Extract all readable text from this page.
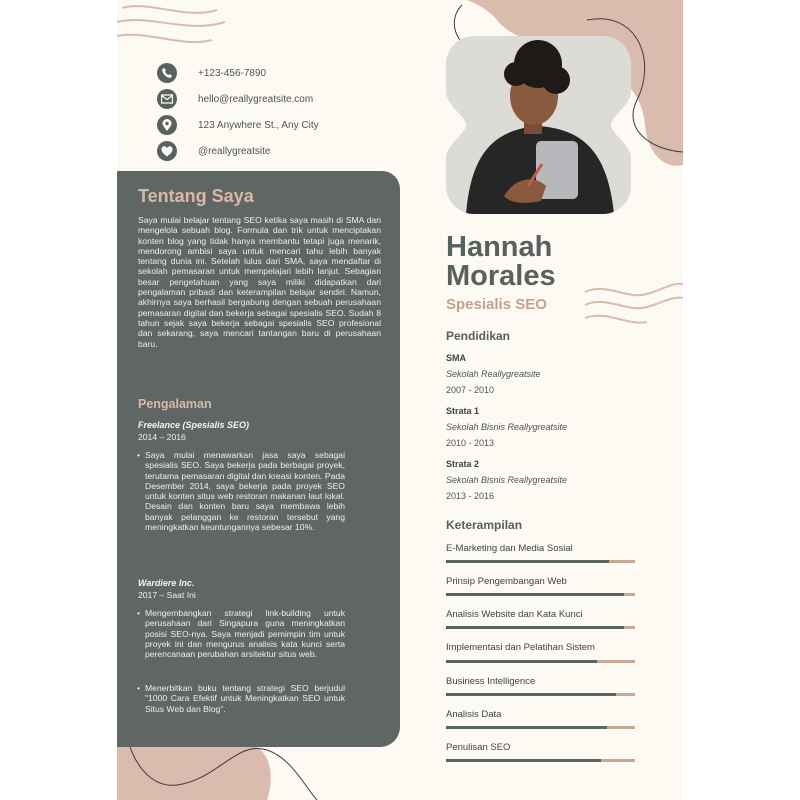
+123-456-7890
hello@reallygreatsite.com
123 Anywhere St., Any City
@reallygreatsite
Tentang Saya
Saya mulai belajar tentang SEO ketika saya masih di SMA dan mengelola sebuah blog. Formula dan trik untuk menciptakan konten blog yang tidak hanya membantu tetapi juga menarik, mendorong ambisi saya untuk mencari tahu lebih banyak tentang dunia ini. Setelah lulus dari SMA, saya mendaftar di sekolah pemasaran untuk mempelajari lebih lanjut. Sebagian besar pengetahuan yang saya miliki didapatkan dari pengalaman pribadi dan keterampilan belajar sendiri. Namun, akhirnya saya berhasil bergabung dengan sebuah perusahaan pemasaran digital dan bekerja sebagai spesialis SEO. Sudah 8 tahun sejak saya bekerja sebagai spesialis SEO profesional dan sekarang, saya mencari tantangan baru di perusahaan baru.
Pengalaman
Freelance (Spesialis SEO)
2014 – 2016
• Saya mulai menawarkan jasa saya sebagai spesialis SEO. Saya bekerja pada berbagai proyek, terutama pemasaran digital dan kreasi konten. Pada Desember 2014, saya bekerja pada proyek SEO untuk konten situs web restoran makanan laut lokal. Desain dan konten baru saya membawa lebih banyak pelanggan ke restoran tersebut yang meningkatkan keuntungannya sebesar 10%.
Wardiere Inc.
2017 – Saat Ini
• Mengembangkan strategi link-building untuk perusahaan dari Singapura guna meningkatkan posisi SEO-nya. Saya menjadi pemimpin tim untuk proyek ini dan mengurus analisis kata kunci serta perencanaan perubahan arsitektur situs web.
• Menerbitkan buku tentang strategi SEO berjudul "1000 Cara Efektif untuk Meningkatkan SEO untuk Situs Web dan Blog".
Hannah
Morales
Spesialis SEO
Pendidikan
SMA
Sekolah Reallygreatsite
2007 - 2010
Strata 1
Sekolah Bisnis Reallygreatsite
2010 - 2013
Strata 2
Sekolah Bisnis Reallygreatsite
2013 - 2016
Keterampilan
E-Marketing dan Media Sosial
Prinsip Pengembangan Web
Analisis Website dan Kata Kunci
Implementasi dan Pelatihan Sistem
Business Intelligence
Analisis Data
Penulisan SEO
